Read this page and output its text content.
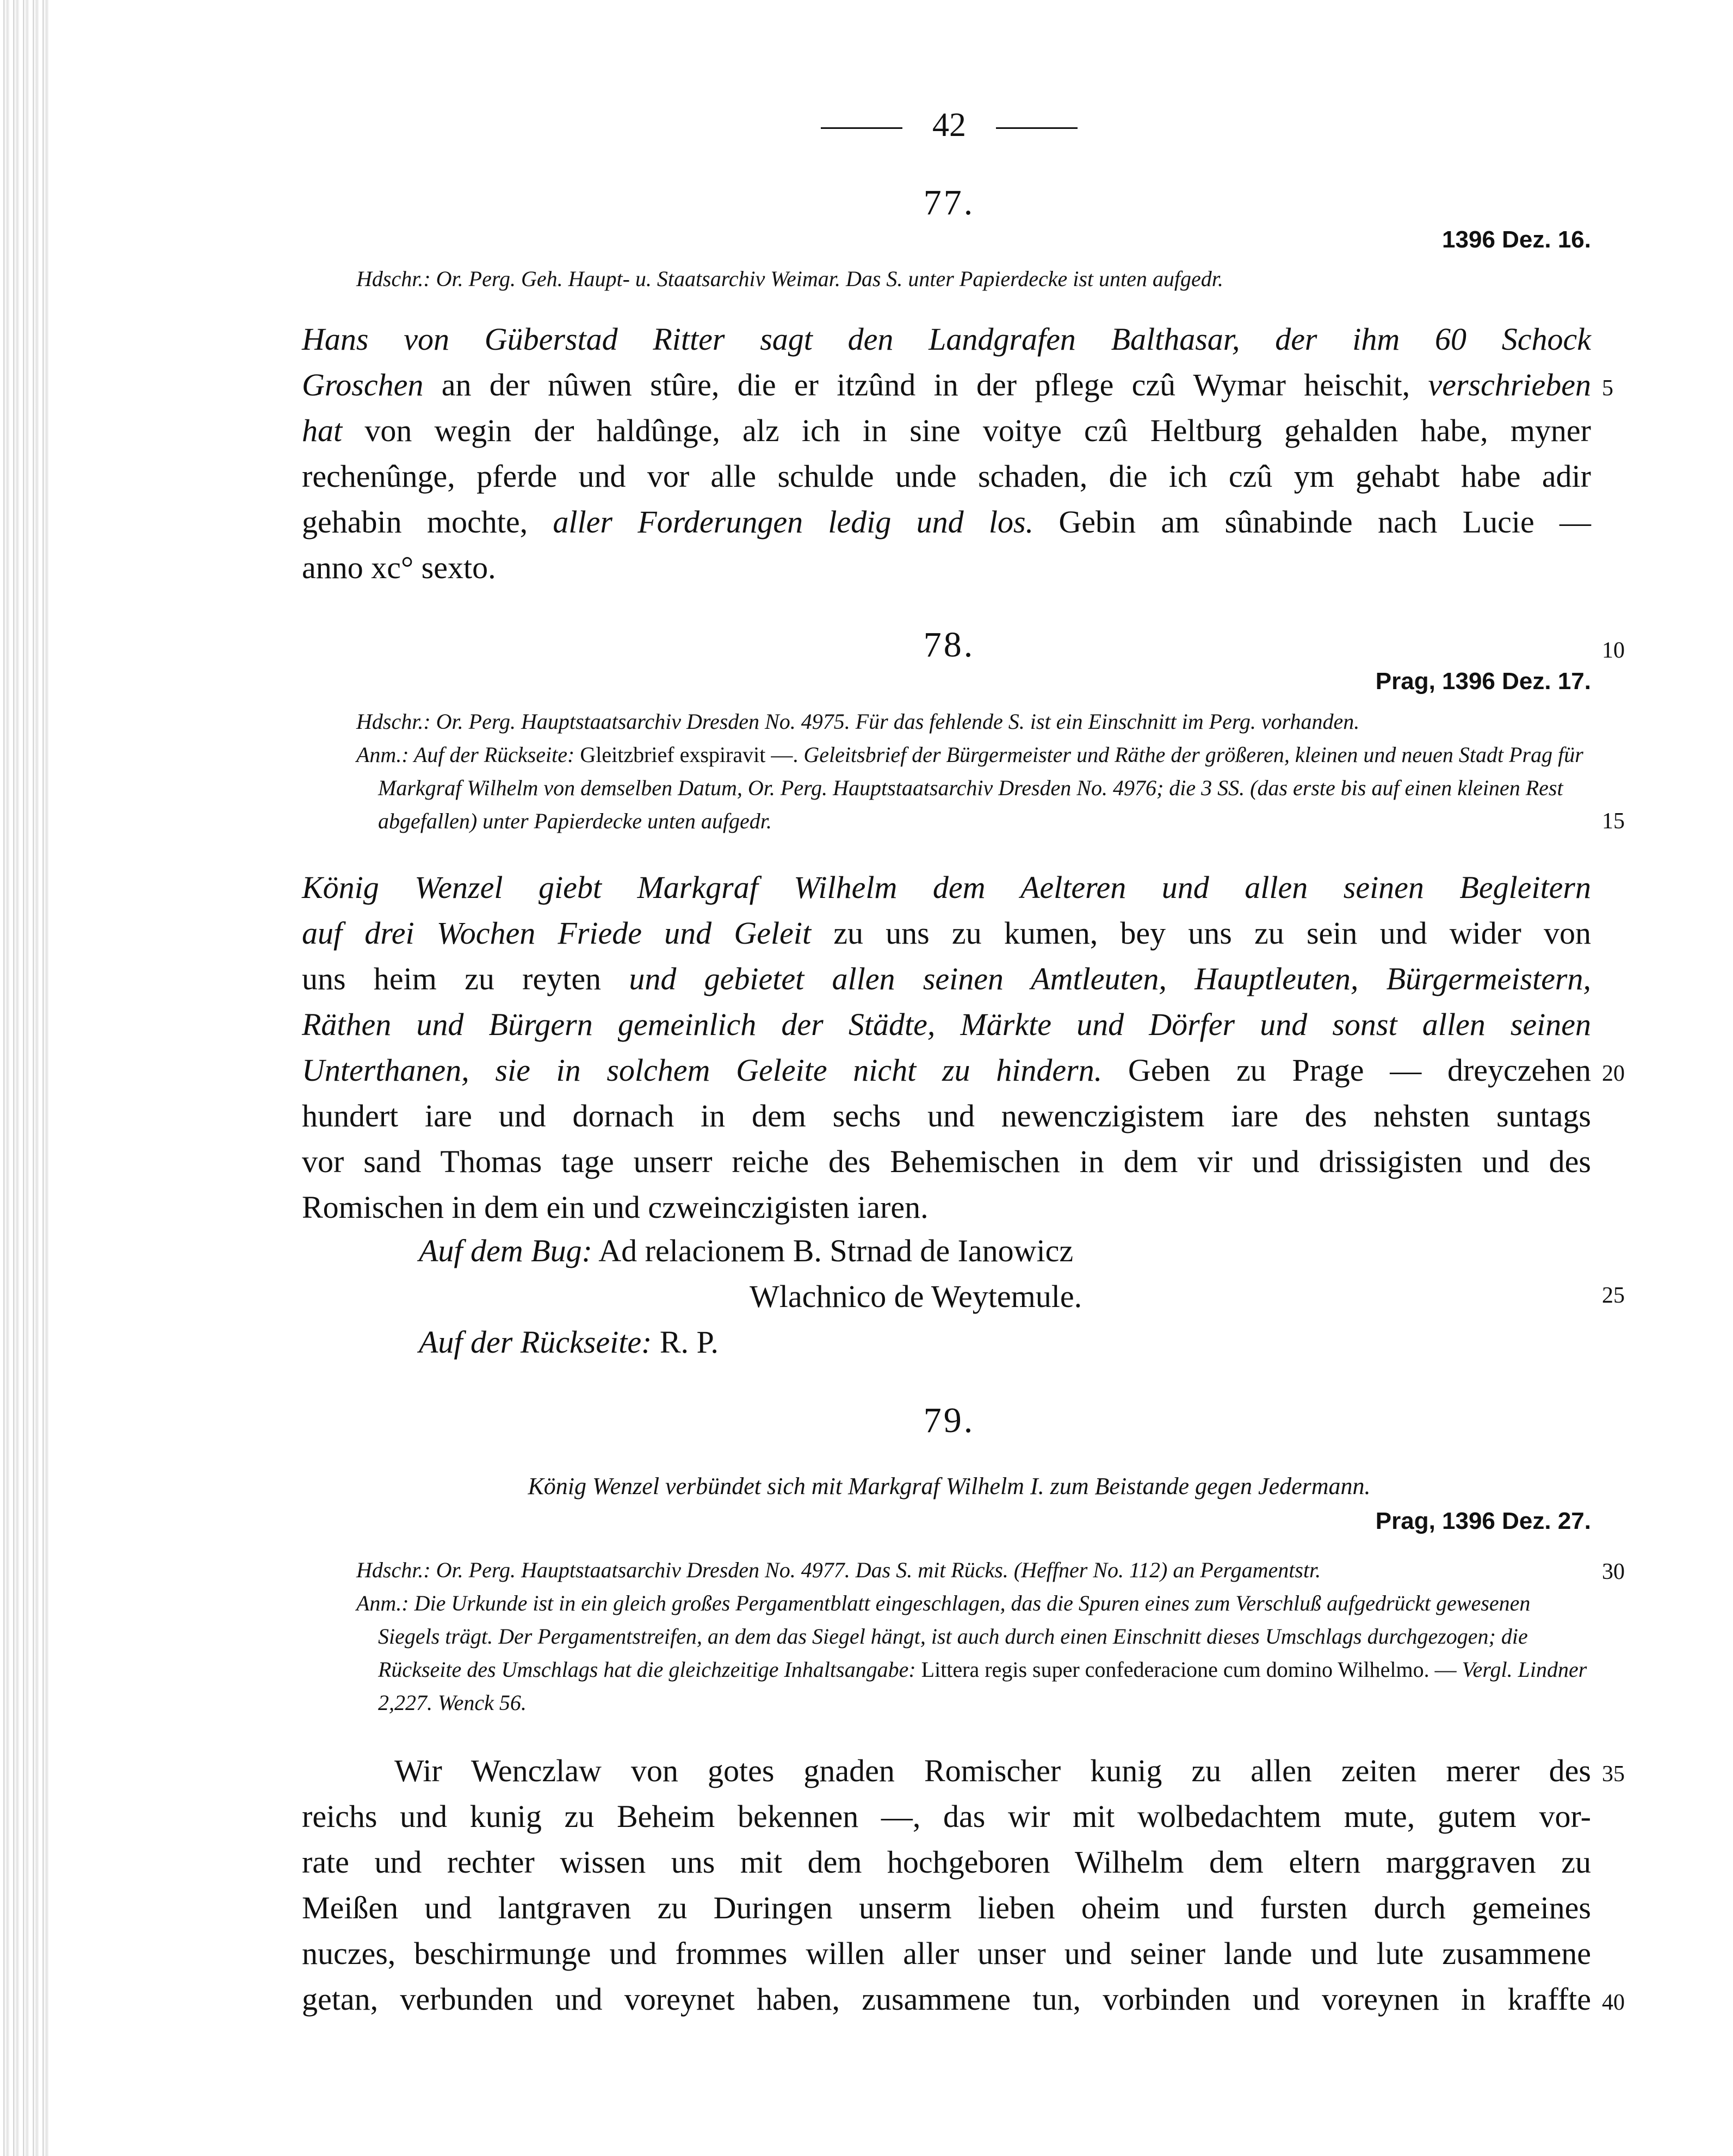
42
77.
1396 Dez. 16.
Hdschr.: Or. Perg. Geh. Haupt- u. Staatsarchiv Weimar. Das S. unter Papierdecke ist unten aufgedr.
Hans von Güberstad Ritter sagt den Landgrafen Balthasar, der ihm 60 Schock
Groschen an der nûwen stûre, die er itzûnd in der pflege czû Wymar heischit, verschrieben
hat von wegin der haldûnge, alz ich in sine voitye czû Heltburg gehalden habe, myner
rechenûnge, pferde und vor alle schulde unde schaden, die ich czû ym gehabt habe adir
gehabin mochte, aller Forderungen ledig und los. Gebin am sûnabinde nach Lucie —
anno xc° sexto.
78.
Prag, 1396 Dez. 17.
Hdschr.: Or. Perg. Hauptstaatsarchiv Dresden No. 4975. Für das fehlende S. ist ein Einschnitt im Perg. vorhanden.
Anm.: Auf der Rückseite: Gleitzbrief exspiravit —. Geleitsbrief der Bürgermeister und Räthe der größeren, kleinen und neuen Stadt Prag für Markgraf Wilhelm von demselben Datum, Or. Perg. Hauptstaatsarchiv Dresden No. 4976; die 3 SS. (das erste bis auf einen kleinen Rest abgefallen) unter Papierdecke unten aufgedr.
König Wenzel giebt Markgraf Wilhelm dem Aelteren und allen seinen Begleitern
auf drei Wochen Friede und Geleit zu uns zu kumen, bey uns zu sein und wider von
uns heim zu reyten und gebietet allen seinen Amtleuten, Hauptleuten, Bürgermeistern,
Räthen und Bürgern gemeinlich der Städte, Märkte und Dörfer und sonst allen seinen
Unterthanen, sie in solchem Geleite nicht zu hindern. Geben zu Prage — dreyczehen
hundert iare und dornach in dem sechs und newenczigistem iare des nehsten suntags
vor sand Thomas tage unserr reiche des Behemischen in dem vir und drissigisten und des
Romischen in dem ein und czweinczigisten iaren.
Auf dem Bug: Ad relacionem B. Strnad de Ianowicz
Wlachnico de Weytemule.
Auf der Rückseite: R. P.
79.
König Wenzel verbündet sich mit Markgraf Wilhelm I. zum Beistande gegen Jedermann.
Prag, 1396 Dez. 27.
Hdschr.: Or. Perg. Hauptstaatsarchiv Dresden No. 4977. Das S. mit Rücks. (Heffner No. 112) an Pergamentstr.
Anm.: Die Urkunde ist in ein gleich großes Pergamentblatt eingeschlagen, das die Spuren eines zum Verschluß aufgedrückt gewesenen Siegels trägt. Der Pergamentstreifen, an dem das Siegel hängt, ist auch durch einen Einschnitt dieses Umschlags durchgezogen; die Rückseite des Umschlags hat die gleichzeitige Inhaltsangabe: Littera regis super confederacione cum domino Wilhelmo. — Vergl. Lindner 2,227. Wenck 56.
Wir Wenczlaw von gotes gnaden Romischer kunig zu allen zeiten merer des
reichs und kunig zu Beheim bekennen —, das wir mit wolbedachtem mute, gutem vor-
rate und rechter wissen uns mit dem hochgeboren Wilhelm dem eltern marggraven zu
Meißen und lantgraven zu Duringen unserm lieben oheim und fursten durch gemeines
nuczes, beschirmunge und frommes willen aller unser und seiner lande und lute zusammene
getan, verbunden und voreynet haben, zusammene tun, vorbinden und voreynen in kraffte
5
10
15
20
25
30
35
40
